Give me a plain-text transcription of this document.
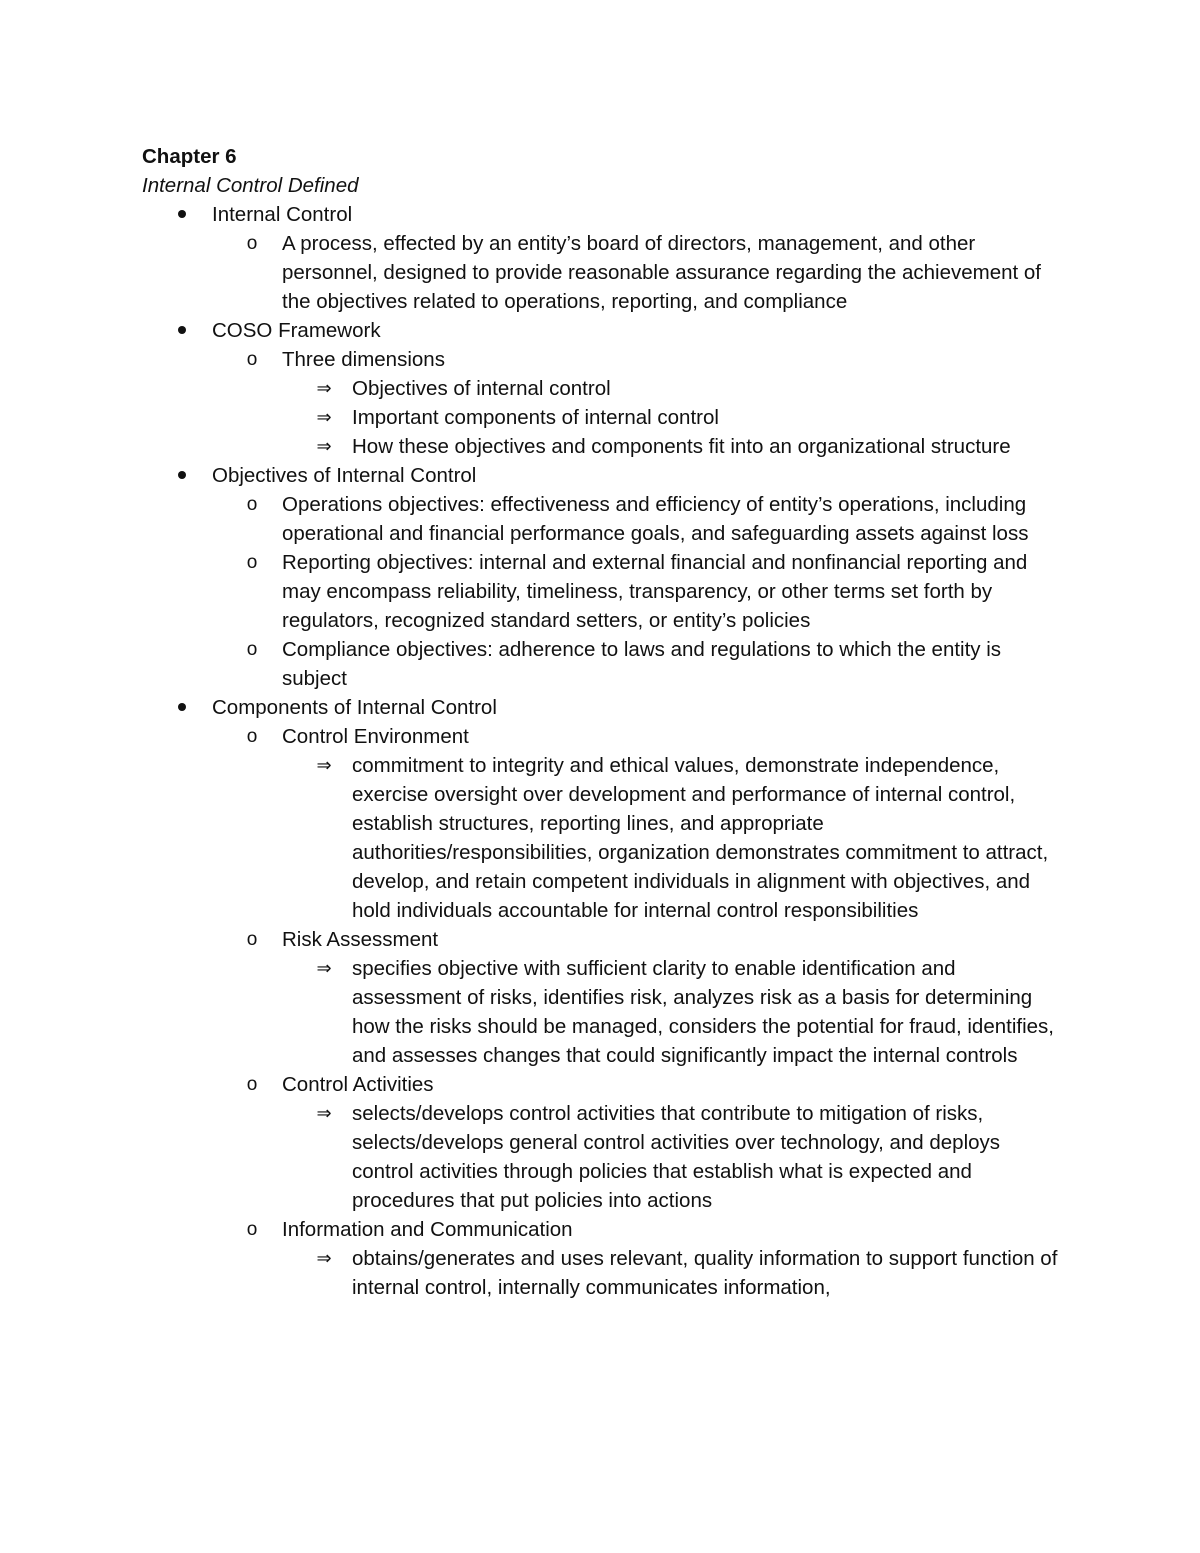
Chapter 6

Internal Control Defined

Internal Control
o	A process, effected by an entity’s board of directors, management, and other personnel, designed to provide reasonable assurance regarding the achievement of the objectives related to operations, reporting, and compliance
COSO Framework
o	Three dimensions
⇒ Objectives of internal control
⇒ Important components of internal control
⇒ How these objectives and components fit into an organizational structure
Objectives of Internal Control
o	Operations objectives: effectiveness and efficiency of entity’s operations, including operational and financial performance goals, and safeguarding assets against loss
o	Reporting objectives: internal and external financial and nonfinancial reporting and may encompass reliability, timeliness, transparency, or other terms set forth by regulators, recognized standard setters, or entity’s policies
o	Compliance objectives: adherence to laws and regulations to which the entity is subject
Components of Internal Control
o	Control Environment
⇒ commitment to integrity and ethical values, demonstrate independence, exercise oversight over development and performance of internal control, establish structures, reporting lines, and appropriate authorities/responsibilities, organization demonstrates commitment to attract, develop, and retain competent individuals in alignment with objectives, and hold individuals accountable for internal control responsibilities
o	Risk Assessment
⇒ specifies objective with sufficient clarity to enable identification and assessment of risks, identifies risk, analyzes risk as a basis for determining how the risks should be managed, considers the potential for fraud, identifies, and assesses changes that could significantly impact the internal controls
o	Control Activities
⇒ selects/develops control activities that contribute to mitigation of risks, selects/develops general control activities over technology, and deploys control activities through policies that establish what is expected and procedures that put policies into actions
o	Information and Communication
⇒ obtains/generates and uses relevant, quality information to support function of internal control, internally communicates information,
